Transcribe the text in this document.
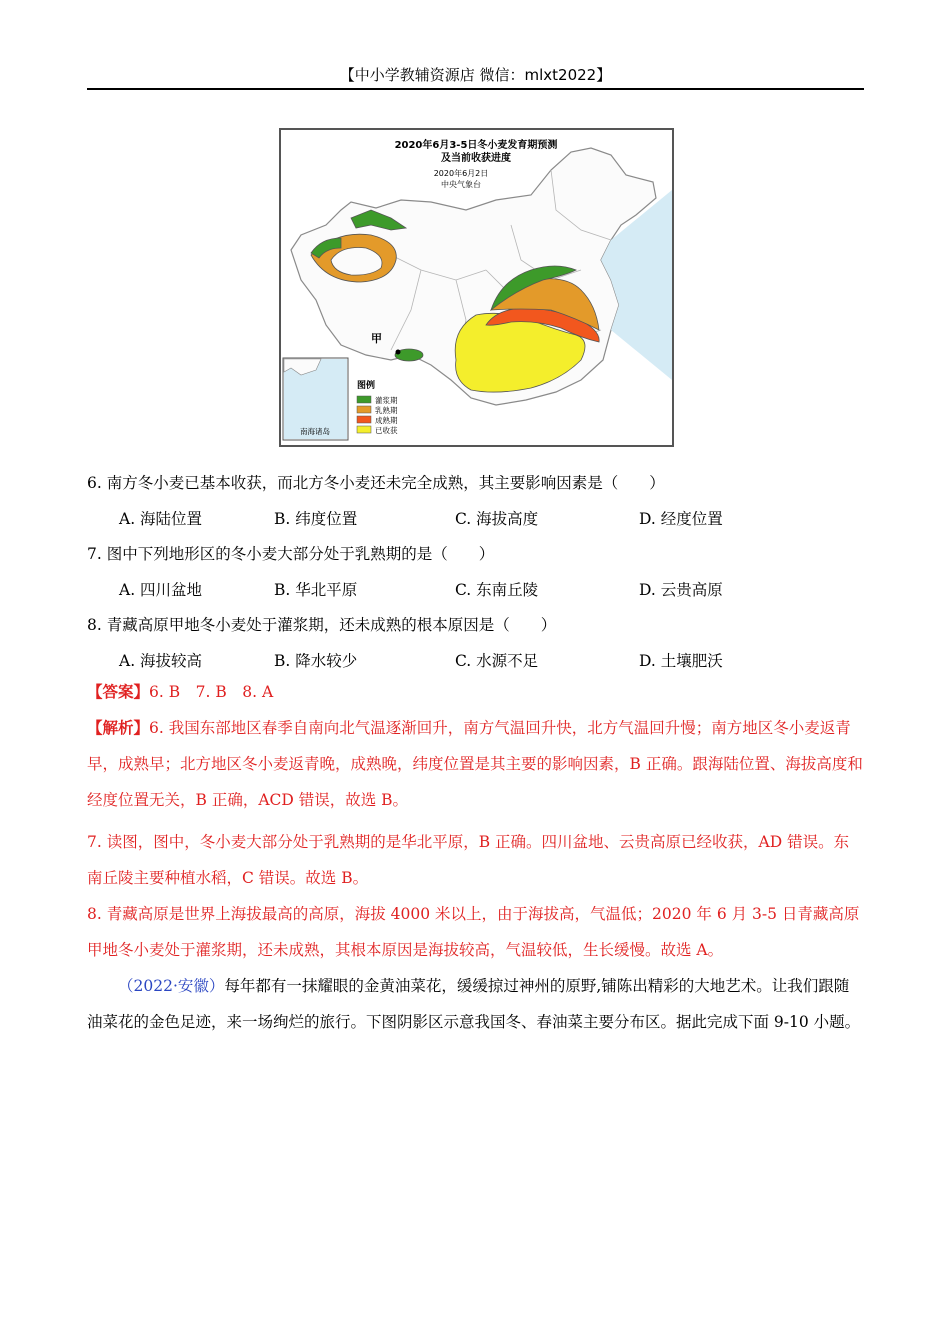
【中小学教辅资源店 微信：mlxt2022】
甲
2020年6月3-5日冬小麦发育期预测
及当前收获进度
2020年6月2日
中央气象台
南海诸岛
图例
灌浆期
乳熟期
成熟期
已收获
6. 南方冬小麦已基本收获，而北方冬小麦还未完全成熟，其主要影响因素是（　　）
A. 海陆位置	B. 纬度位置	C. 海拔高度	D. 经度位置
7. 图中下列地形区的冬小麦大部分处于乳熟期的是（　　）
A. 四川盆地	B. 华北平原	C. 东南丘陵	D. 云贵高原
8. 青藏高原甲地冬小麦处于灌浆期，还未成熟的根本原因是（　　）
A. 海拔较高	B. 降水较少	C. 水源不足	D. 土壤肥沃
【答案】6. B　7. B　8. A
【解析】6. 我国东部地区春季自南向北气温逐渐回升，南方气温回升快，北方气温回升慢；南方地区冬小麦返青早，成熟早；北方地区冬小麦返青晚，成熟晚，纬度位置是其主要的影响因素，B 正确。跟海陆位置、海拔高度和经度位置无关，B 正确，ACD 错误，故选 B。
7. 读图，图中，冬小麦大部分处于乳熟期的是华北平原，B 正确。四川盆地、云贵高原已经收获，AD 错误。东南丘陵主要种植水稻，C 错误。故选 B。
8. 青藏高原是世界上海拔最高的高原，海拔 4000 米以上，由于海拔高，气温低；2020 年 6 月 3-5 日青藏高原甲地冬小麦处于灌浆期，还未成熟，其根本原因是海拔较高，气温较低，生长缓慢。故选 A。
（2022·安徽）每年都有一抹耀眼的金黄油菜花，缓缓掠过神州的原野,铺陈出精彩的大地艺术。让我们跟随油菜花的金色足迹，来一场绚烂的旅行。下图阴影区示意我国冬、春油菜主要分布区。据此完成下面 9-10 小题。
